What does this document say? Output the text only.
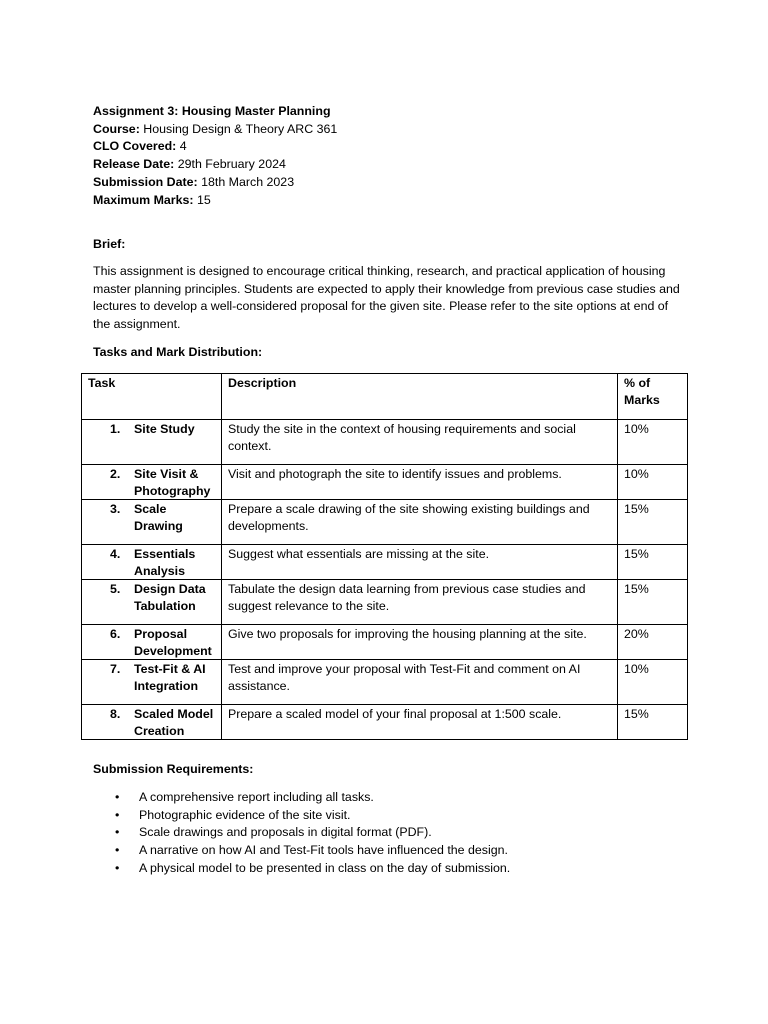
Assignment 3: Housing Master Planning
Course: Housing Design & Theory ARC 361
CLO Covered: 4
Release Date: 29th February 2024
Submission Date: 18th March 2023
Maximum Marks: 15
Brief:
This assignment is designed to encourage critical thinking, research, and practical application of housing master planning principles. Students are expected to apply their knowledge from previous case studies and lectures to develop a well-considered proposal for the given site. Please refer to the site options at end of the assignment.
Tasks and Mark Distribution:
Task	Description	% of Marks

1. Site Study	Study the site in the context of housing requirements and social context.	10%

2. Site Visit & Photography	Visit and photograph the site to identify issues and problems.	10%

3. Scale Drawing	Prepare a scale drawing of the site showing existing buildings and developments.	15%

4. Essentials Analysis	Suggest what essentials are missing at the site.	15%

5. Design Data Tabulation	Tabulate the design data learning from previous case studies and suggest relevance to the site.	15%

6. Proposal Development	Give two proposals for improving the housing planning at the site.	20%

7. Test-Fit & AI Integration	Test and improve your proposal with Test-Fit and comment on AI assistance.	10%

8. Scaled Model Creation	Prepare a scaled model of your final proposal at 1:500 scale.	15%
Submission Requirements:
• A comprehensive report including all tasks.
• Photographic evidence of the site visit.
• Scale drawings and proposals in digital format (PDF).
• A narrative on how AI and Test-Fit tools have influenced the design.
• A physical model to be presented in class on the day of submission.
